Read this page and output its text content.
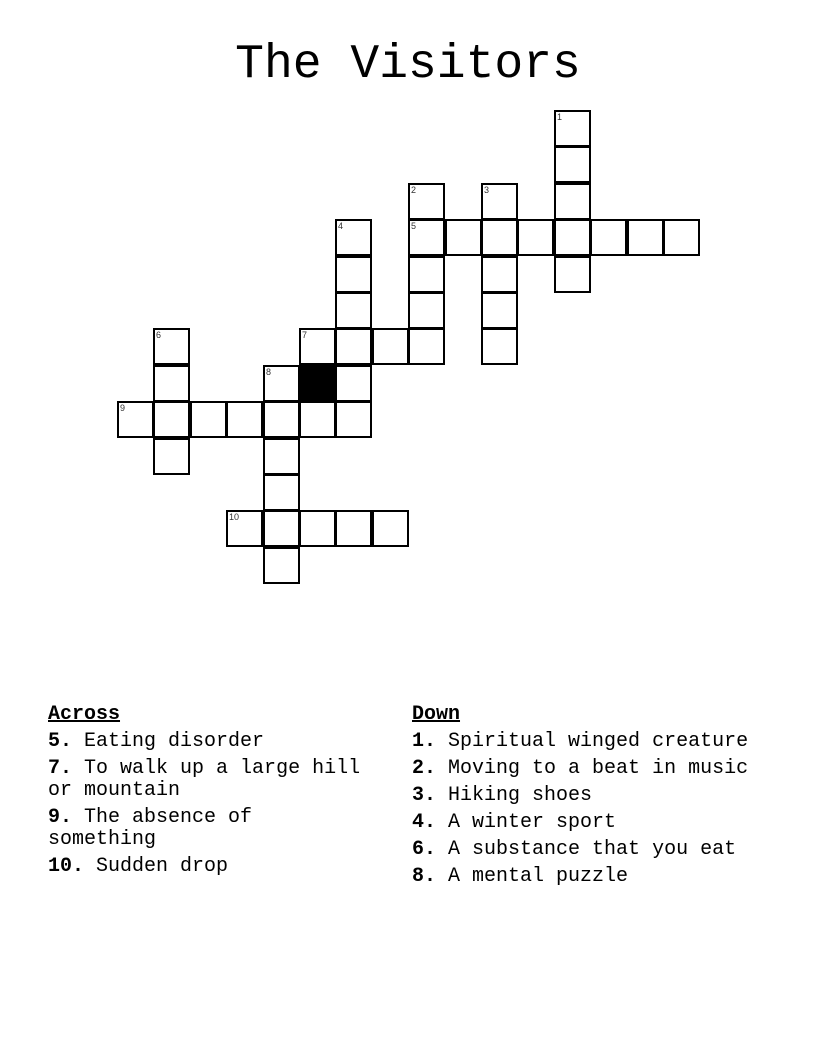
The Visitors
1
2	3
4	5
6	7
8
9
10
Across
5. Eating disorder
7. To walk up a large hill or mountain
9. The absence of something
10. Sudden drop
Down
1. Spiritual winged creature
2. Moving to a beat in music
3. Hiking shoes
4. A winter sport
6. A substance that you eat
8. A mental puzzle
